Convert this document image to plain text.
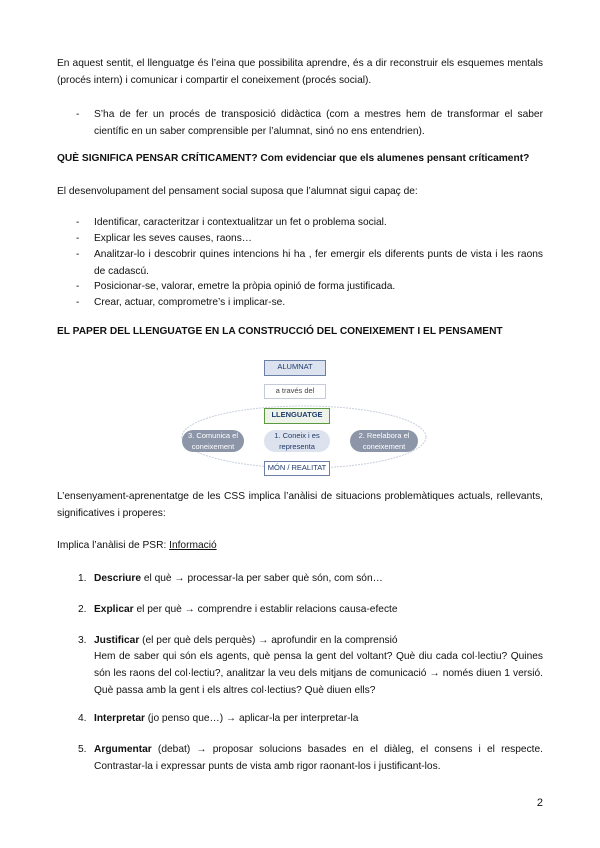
En aquest sentit, el llenguatge és l’eina que possibilita aprendre, és a dir reconstruir els esquemes mentals (procés intern) i comunicar i compartir el coneixement (procés social).

- S’ha de fer un procés de transposició didàctica (com a mestres hem de transformar el saber científic en un saber comprensible per l’alumnat, sinó no ens entendrien).

QUÈ SIGNIFICA PENSAR CRÍTICAMENT? Com evidenciar que els alumenes pensant críticament?

El desenvolupament del pensament social suposa que l’alumnat sigui capaç de:

- Identificar, caracteritzar i contextualitzar un fet o problema social.

- Explicar les seves causes, raons…

- Analitzar-lo i descobrir quines intencions hi ha , fer emergir els diferents punts de vista i les raons de cadascú.

- Posicionar-se, valorar, emetre la pròpia opinió de forma justificada.

- Crear, actuar, comprometre’s i implicar-se.

EL PAPER DEL LLENGUATGE EN LA CONSTRUCCIÓ DEL CONEIXEMENT I EL PENSAMENT

ALUMNAT
a través del
LLENGUATGE
3. Comunica el coneixement
1. Coneix i es representa
2. Reelabora el coneixement
MÓN / REALITAT

L’ensenyament-aprenentatge de les CSS implica l’anàlisi de situacions problemàtiques actuals, rellevants, significatives i properes:

Implica l’anàlisi de PSR: Informació

1. Descriure el què → processar-la per saber què són, com són…

2. Explicar el per què → comprendre i establir relacions causa-efecte

3. Justificar (el per què dels perquès) → aprofundir en la comprensió

Hem de saber qui són els agents, què pensa la gent del voltant? Què diu cada col·lectiu? Quines són les raons del col·lectiu?, analitzar la veu dels mitjans de comunicació → només diuen 1 versió. Què passa amb la gent i els altres col·lectius? Què diuen ells?

4. Interpretar (jo penso que…) → aplicar-la per interpretar-la

5. Argumentar (debat) → proposar solucions basades en el diàleg, el consens i el respecte. Contrastar-la i expressar punts de vista amb rigor raonant-los i justificant-los.

2
